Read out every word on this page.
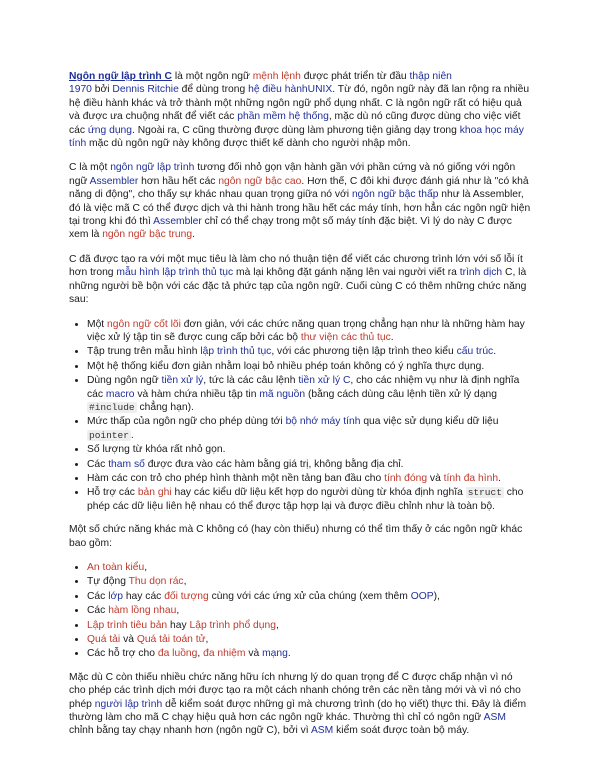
Ngôn ngữ lập trình C là một ngôn ngữ mệnh lệnh được phát triển từ đầu thập niên
1970 bởi Dennis Ritchie để dùng trong hệ điều hànhUNIX. Từ đó, ngôn ngữ này đã lan rộng ra nhiều hệ điều hành khác và trở thành một những ngôn ngữ phổ dụng nhất. C là ngôn ngữ rất có hiệu quả và được ưa chuộng nhất để viết các phần mềm hệ thống, mặc dù nó cũng được dùng cho việc viết các ứng dụng. Ngoài ra, C cũng thường được dùng làm phương tiện giảng dạy trong khoa học máy tính mặc dù ngôn ngữ này không được thiết kế dành cho người nhập môn.

C là một ngôn ngữ lập trình tương đối nhỏ gọn vận hành gần với phần cứng và nó giống với ngôn ngữ Assembler hơn hầu hết các ngôn ngữ bậc cao. Hơn thế, C đôi khi được đánh giá như là "có khả năng di động", cho thấy sự khác nhau quan trọng giữa nó với ngôn ngữ bậc thấp như là Assembler, đó là việc mã C có thể được dịch và thi hành trong hầu hết các máy tính, hơn hẳn các ngôn ngữ hiện tại trong khi đó thì Assembler chỉ có thể chạy trong một số máy tính đặc biệt. Vì lý do này C được xem là ngôn ngữ bậc trung.

C đã được tạo ra với một mục tiêu là làm cho nó thuận tiện để viết các chương trình lớn với số lỗi ít hơn trong mẫu hình lập trình thủ tục mà lại không đặt gánh nặng lên vai người viết ra trình dịch C, là những người bề bộn với các đặc tả phức tạp của ngôn ngữ. Cuối cùng C có thêm những chức năng sau:

• Một ngôn ngữ cốt lõi đơn giản, với các chức năng quan trọng chẳng hạn như là những hàm hay việc xử lý tập tin sẽ được cung cấp bởi các bộ thư viện các thủ tục.
• Tập trung trên mẫu hình lập trình thủ tục, với các phương tiện lập trình theo kiểu cấu trúc.
• Một hệ thống kiểu đơn giản nhằm loại bỏ nhiều phép toán không có ý nghĩa thực dụng.
• Dùng ngôn ngữ tiền xử lý, tức là các câu lệnh tiền xử lý C, cho các nhiệm vụ như là định nghĩa các macro và hàm chứa nhiều tập tin mã nguồn (bằng cách dùng câu lệnh tiền xử lý dạng #include chẳng hạn).
• Mức thấp của ngôn ngữ cho phép dùng tới bộ nhớ máy tính qua việc sử dụng kiểu dữ liệu pointer .
• Số lượng từ khóa rất nhỏ gọn.
• Các tham số được đưa vào các hàm bằng giá trị, không bằng địa chỉ.
• Hàm các con trỏ cho phép hình thành một nền tảng ban đầu cho tính đóng và tính đa hình.
• Hỗ trợ các bản ghi hay các kiểu dữ liệu kết hợp do người dùng từ khóa định nghĩa struct cho phép các dữ liệu liên hệ nhau có thể được tập hợp lại và được điều chỉnh như là toàn bộ.

Một số chức năng khác mà C không có (hay còn thiếu) nhưng có thể tìm thấy ở các ngôn ngữ khác bao gồm:

• An toàn kiểu,
• Tự động Thu dọn rác,
• Các lớp hay các đối tượng cùng với các ứng xử của chúng (xem thêm OOP),
• Các hàm lồng nhau,
• Lập trình tiêu bản hay Lập trình phổ dụng,
• Quá tải và Quá tải toán tử,
• Các hỗ trợ cho đa luồng, đa nhiệm và mạng.

Mặc dù C còn thiếu nhiều chức năng hữu ích nhưng lý do quan trọng để C được chấp nhận vì nó cho phép các trình dịch mới được tạo ra một cách nhanh chóng trên các nền tảng mới và vì nó cho phép người lập trình dễ kiểm soát được những gì mà chương trình (do họ viết) thực thi. Đây là điểm thường làm cho mã C chạy hiệu quả hơn các ngôn ngữ khác. Thường thì chỉ có ngôn ngữ ASM chỉnh bằng tay chạy nhanh hơn (ngôn ngữ C), bởi vì ASM kiểm soát được toàn bộ máy.
